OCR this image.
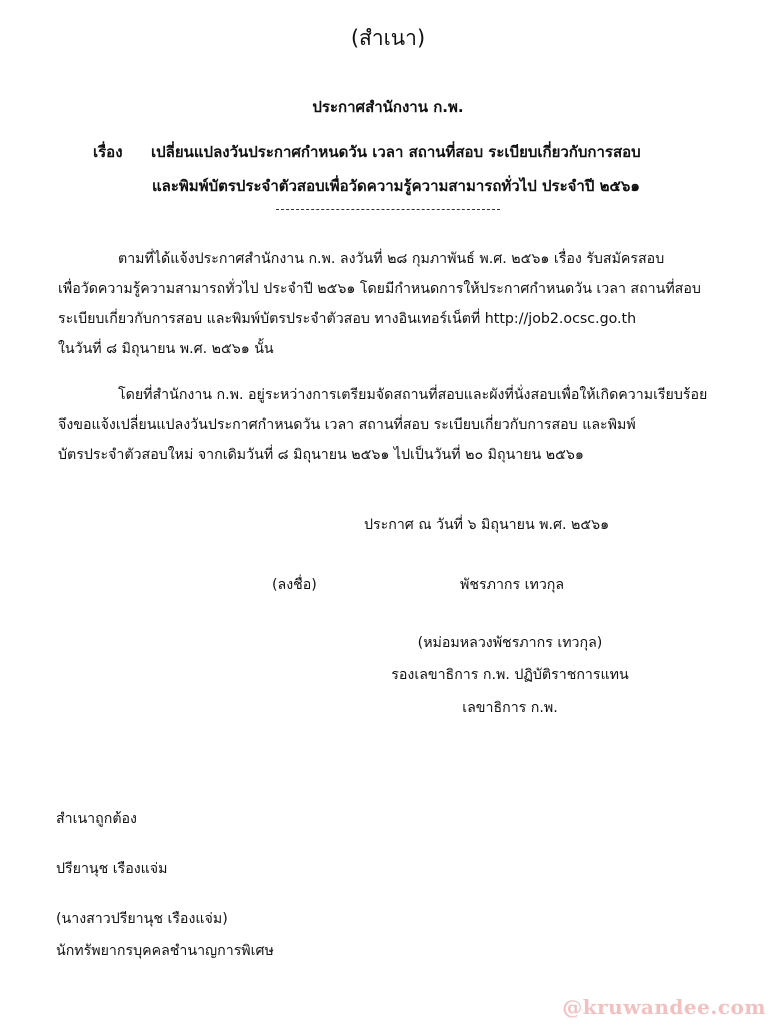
(สำเนา)
ประกาศสำนักงาน ก.พ.
เรื่อง เปลี่ยนแปลงวันประกาศกำหนดวัน เวลา สถานที่สอบ ระเบียบเกี่ยวกับการสอบ
และพิมพ์บัตรประจำตัวสอบเพื่อวัดความรู้ความสามารถทั่วไป ประจำปี ๒๕๖๑
ตามที่ได้แจ้งประกาศสำนักงาน ก.พ. ลงวันที่ ๒๘ กุมภาพันธ์ พ.ศ. ๒๕๖๑ เรื่อง รับสมัครสอบ
เพื่อวัดความรู้ความสามารถทั่วไป ประจำปี ๒๕๖๑ โดยมีกำหนดการให้ประกาศกำหนดวัน เวลา สถานที่สอบ
ระเบียบเกี่ยวกับการสอบ และพิมพ์บัตรประจำตัวสอบ ทางอินเทอร์เน็ตที่ http://job2.ocsc.go.th
ในวันที่ ๘ มิถุนายน พ.ศ. ๒๕๖๑ นั้น
โดยที่สำนักงาน ก.พ. อยู่ระหว่างการเตรียมจัดสถานที่สอบและผังที่นั่งสอบเพื่อให้เกิดความเรียบร้อย
จึงขอแจ้งเปลี่ยนแปลงวันประกาศกำหนดวัน เวลา สถานที่สอบ ระเบียบเกี่ยวกับการสอบ และพิมพ์
บัตรประจำตัวสอบใหม่ จากเดิมวันที่ ๘ มิถุนายน ๒๕๖๑ ไปเป็นวันที่ ๒๐ มิถุนายน ๒๕๖๑
ประกาศ ณ วันที่ ๖ มิถุนายน พ.ศ. ๒๕๖๑
(ลงชื่อ)	พัชรภากร เทวกุล
(หม่อมหลวงพัชรภากร เทวกุล)
รองเลขาธิการ ก.พ. ปฏิบัติราชการแทน
เลขาธิการ ก.พ.
สำเนาถูกต้อง
ปรียานุช เรืองแจ่ม
(นางสาวปรียานุช เรืองแจ่ม)
นักทรัพยากรบุคคลชำนาญการพิเศษ
@kruwandee.com
